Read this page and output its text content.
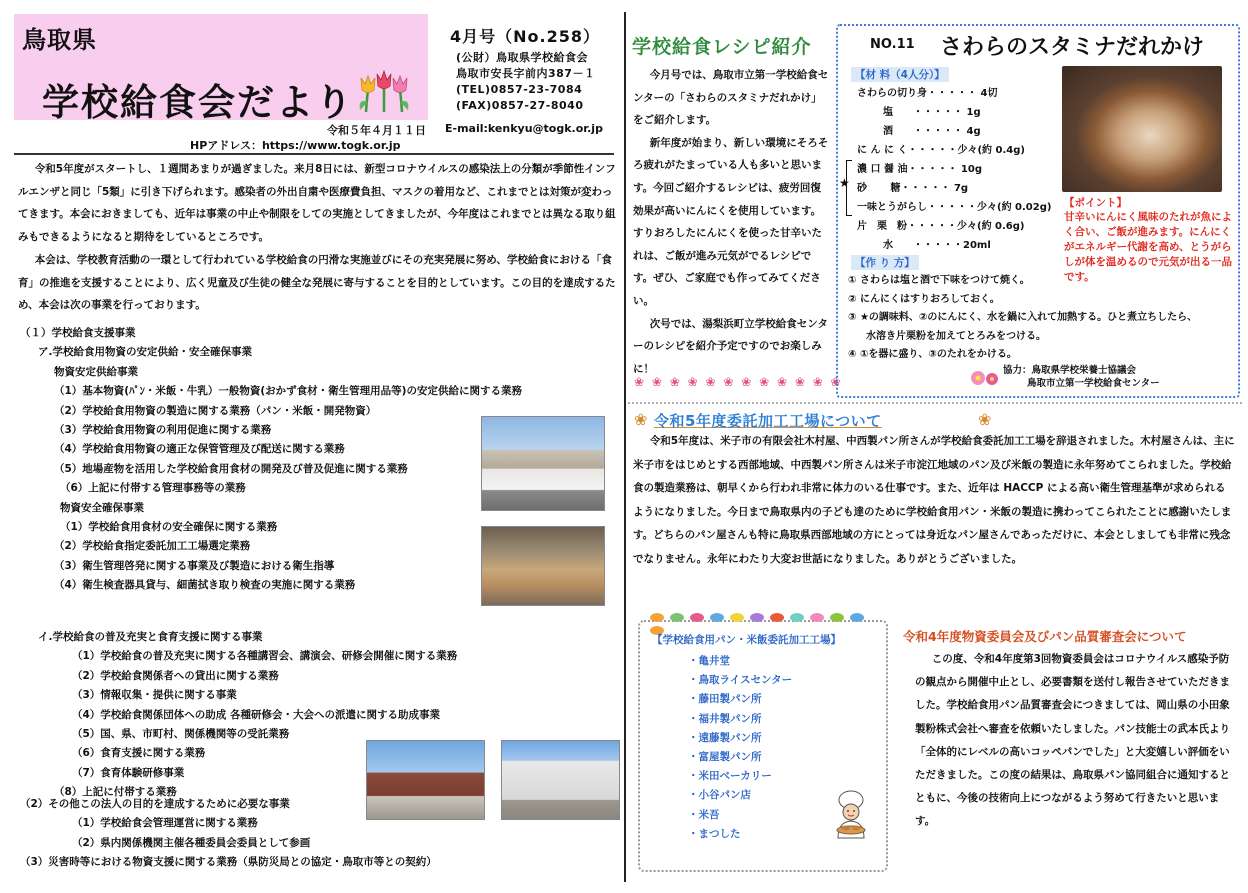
鳥取県
学校給食会だより
4月号（No.258）
(公財）鳥取県学校給食会
鳥取市安長字前内387－１
(TEL)0857-23-7084
(FAX)0857-27-8040
令和５年４月１１日 E-mail:kenkyu@togk.or.jp
HPアドレス：https://www.togk.or.jp
令和5年度がスタートし、１週間あまりが過ぎました。来月8日には、新型コロナウイルスの感染法上の分類が季節性インフルエンザと同じ「5類」に引き下げられます。感染者の外出自粛や医療費負担、マスクの着用など、これまでとは対策が変わってきます。本会におきましても、近年は事業の中止や制限をしての実施としてきましたが、今年度はこれまでとは異なる取り組みもできるようになると期待をしているところです。
本会は、学校教育活動の一環として行われている学校給食の円滑な実施並びにその充実発展に努め、学校給食における「食育」の推進を支援することにより、広く児童及び生徒の健全な発展に寄与することを目的としています。この目的を達成するため、本会は次の事業を行っております。
（１）学校給食支援事業
ア.学校給食用物資の安定供給・安全確保事業
物資安定供給事業
（1）基本物資(ﾊﾟﾝ・米飯・牛乳）一般物資(おかず食材・衛生管理用品等)の安定供給に関する業務
（2）学校給食用物資の製造に関する業務（パン・米飯・開発物資）
（3）学校給食用物資の利用促進に関する業務
（4）学校給食用物資の適正な保管管理及び配送に関する業務
（5）地場産物を活用した学校給食用食材の開発及び普及促進に関する業務
（6）上記に付帯する管理事務等の業務
物資安全確保事業
（1）学校給食用食材の安全確保に関する業務
（2）学校給食指定委託加工工場選定業務
（3）衛生管理啓発に関する事業及び製造における衛生指導
（4）衛生検査器具貸与、細菌拭き取り検査の実施に関する業務
イ.学校給食の普及充実と食育支援に関する事業
（1）学校給食の普及充実に関する各種講習会、講演会、研修会開催に関する業務
（2）学校給食関係者への貸出に関する業務
（3）情報収集・提供に関する事業
（4）学校給食関係団体への助成 各種研修会・大会への派遣に関する助成事業
（5）国、県、市町村、関係機関等の受託業務
（6）食育支援に関する業務
（7）食育体験研修事業
（8）上記に付帯する業務
（2）その他この法人の目的を達成するために必要な事業
（1）学校給食会管理運営に関する業務
（2）県内関係機関主催各種委員会委員として参画
（3）災害時等における物資支援に関する業務（県防災局との協定・鳥取市等との契約）
学校給食レシピ紹介
今月号では、鳥取市立第一学校給食センターの「さわらのスタミナだれかけ」をご紹介します。
新年度が始まり、新しい環境にそろそろ疲れがたまっている人も多いと思います。今回ご紹介するレシピは、疲労回復効果が高いにんにくを使用しています。すりおろしたにんにくを使った甘辛いたれは、ご飯が進み元気がでるレシピです。ぜひ、ご家庭でも作ってみてください。
次号では、湯梨浜町立学校給食センターのレシピを紹介予定ですのでお楽しみに！
❀ ❀ ❀ ❀ ❀ ❀ ❀ ❀ ❀ ❀ ❀ ❀
NO.11 さわらのスタミナだれかけ
【材 料（4人分）】
さわらの切り身・・・・・ 4切
塩　　・・・・・ 1g
酒　　・・・・・ 4g
に ん に く・・・・・少々(約 0.4g)
濃 口 醤 油・・・・・ 10g
砂　　 糖・・・・・ 7g
一味とうがらし・・・・・少々(約 0.02g)
片　栗　粉・・・・・少々(約 0.6g)
水　　・・・・・20ml
★
【作 り 方】
① さわらは塩と酒で下味をつけて焼く。
② にんにくはすりおろしておく。
③ ★の調味料、②のにんにく、水を鍋に入れて加熱する。ひと煮立ちしたら、
水溶き片栗粉を加えてとろみをつける。
④ ①を器に盛り、③のたれをかける。
【ポイント】
甘辛いにんにく風味のたれが魚によく合い、ご飯が進みます。にんにくがエネルギー代謝を高め、とうがらしが体を温めるので元気が出る一品です。
協力：鳥取県学校栄養士協議会
鳥取市立第一学校給食センター
❀ 令和5年度委託加工工場について	❀
令和5年度は、米子市の有限会社木村屋、中西製パン所さんが学校給食委託加工工場を辞退されました。木村屋さんは、主に米子市をはじめとする西部地域、中西製パン所さんは米子市淀江地域のパン及び米飯の製造に永年努めてこられました。学校給食の製造業務は、朝早くから行われ非常に体力のいる仕事です。また、近年は HACCP による高い衛生管理基準が求められるようになりました。今日まで鳥取県内の子ども達のために学校給食用パン・米飯の製造に携わってこられたことに感謝いたします。どちらのパン屋さんも特に鳥取県西部地域の方にとっては身近なパン屋さんであっただけに、本会としましても非常に残念でなりません。永年にわたり大変お世話になりました。ありがとうございました。
【学校給食用パン・米飯委託加工工場】
・亀井堂
・鳥取ライスセンター
・藤田製パン所
・福井製パン所
・遠藤製パン所
・富屋製パン所
・米田ベーカリー
・小谷パン店
・米吾
・まつした
令和4年度物資委員会及びパン品質審査会について
この度、令和4年度第3回物資委員会はコロナウイルス感染予防の観点から開催中止とし、必要書類を送付し報告させていただきました。学校給食用パン品質審査会につきましては、岡山県の小田象製粉株式会社へ審査を依頼いたしました。パン技能士の武本氏より「全体的にレベルの高いコッペパンでした」と大変嬉しい評価をいただきました。この度の結果は、鳥取県パン協同組合に通知するとともに、今後の技術向上につながるよう努めて行きたいと思います。
